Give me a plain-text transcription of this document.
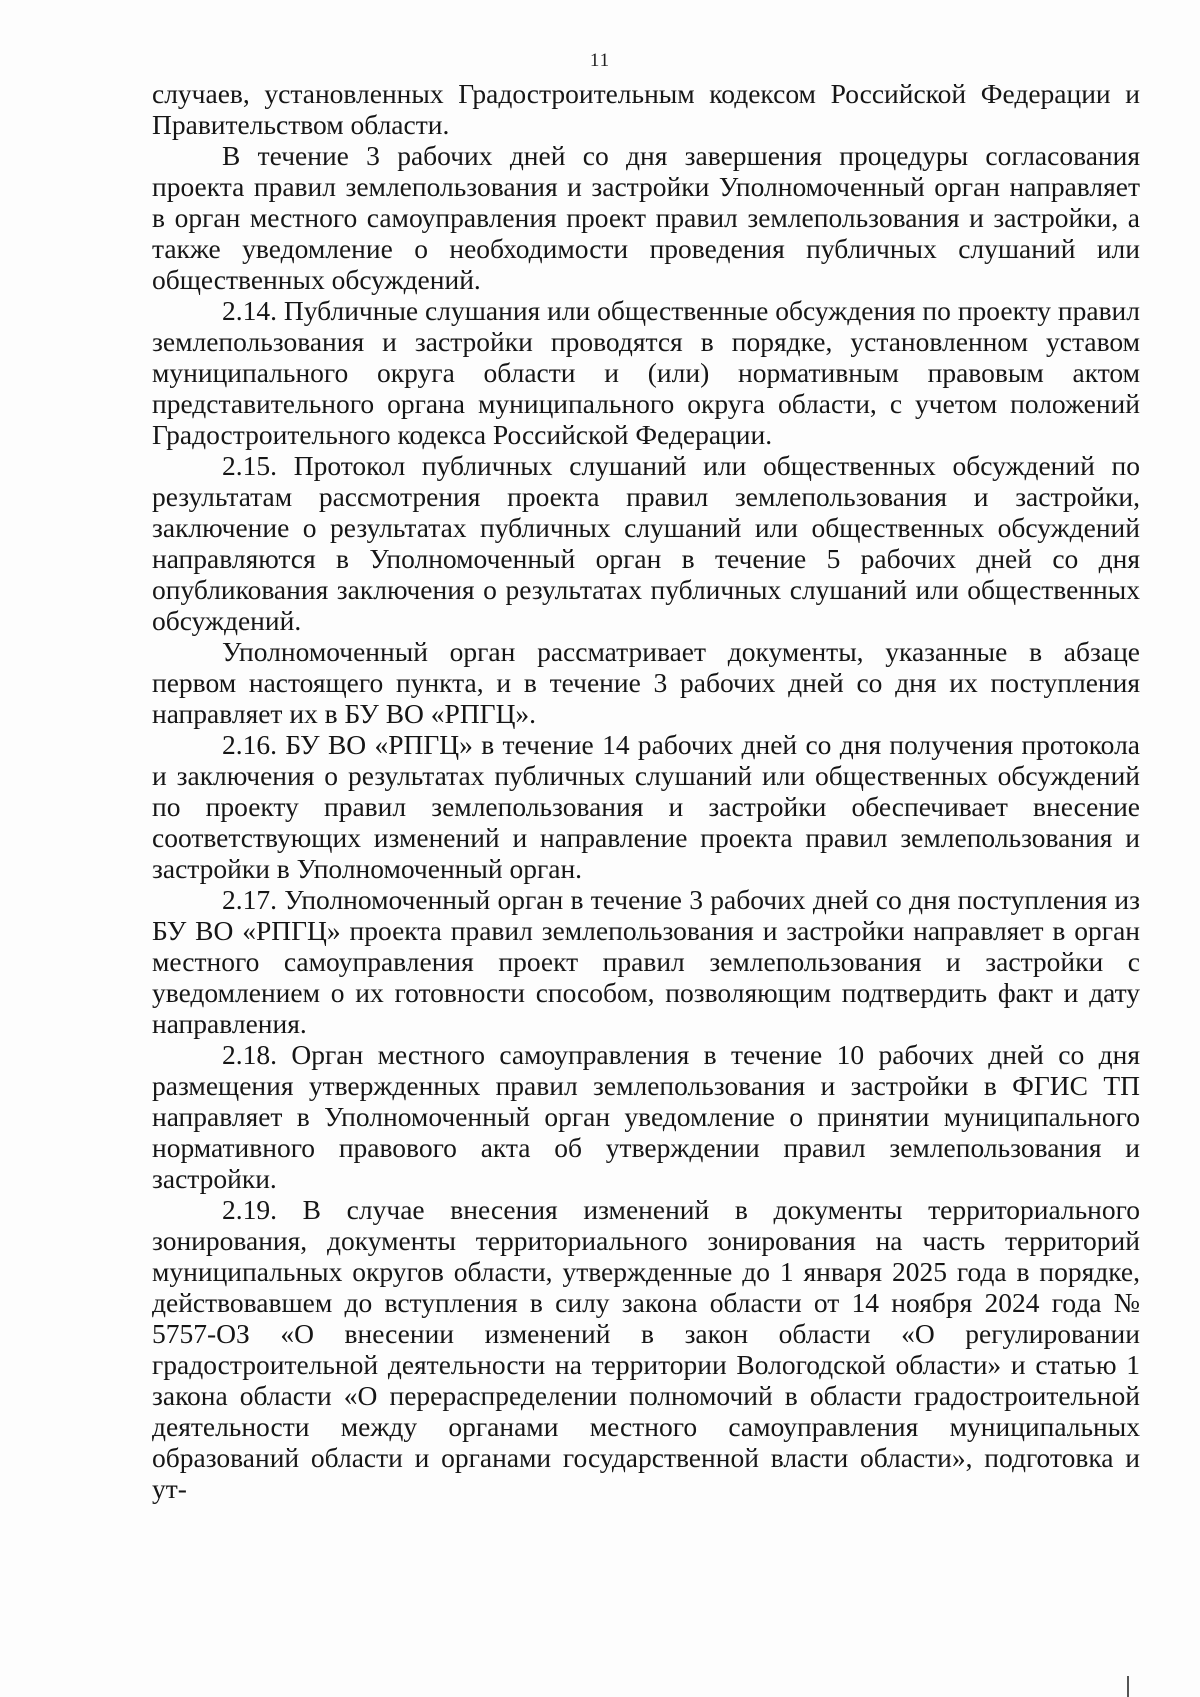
11

случаев, установленных Градостроительным кодексом Российской Федерации и Правительством области.

В течение 3 рабочих дней со дня завершения процедуры согласования проекта правил землепользования и застройки Уполномоченный орган направляет в орган местного самоуправления проект правил землепользования и застройки, а также уведомление о необходимости проведения публичных слушаний или общественных обсуждений.

2.14. Публичные слушания или общественные обсуждения по проекту правил землепользования и застройки проводятся в порядке, установленном уставом муниципального округа области и (или) нормативным правовым актом представительного органа муниципального округа области, с учетом положений Градостроительного кодекса Российской Федерации.

2.15. Протокол публичных слушаний или общественных обсуждений по результатам рассмотрения проекта правил землепользования и застройки, заключение о результатах публичных слушаний или общественных обсуждений направляются в Уполномоченный орган в течение 5 рабочих дней со дня опубликования заключения о результатах публичных слушаний или общественных обсуждений.

Уполномоченный орган рассматривает документы, указанные в абзаце первом настоящего пункта, и в течение 3 рабочих дней со дня их поступления направляет их в БУ ВО «РПГЦ».

2.16. БУ ВО «РПГЦ» в течение 14 рабочих дней со дня получения протокола и заключения о результатах публичных слушаний или общественных обсуждений по проекту правил землепользования и застройки обеспечивает внесение соответствующих изменений и направление проекта правил землепользования и застройки в Уполномоченный орган.

2.17. Уполномоченный орган в течение 3 рабочих дней со дня поступления из БУ ВО «РПГЦ» проекта правил землепользования и застройки направляет в орган местного самоуправления проект правил землепользования и застройки с уведомлением о их готовности способом, позволяющим подтвердить факт и дату направления.

2.18. Орган местного самоуправления в течение 10 рабочих дней со дня размещения утвержденных правил землепользования и застройки в ФГИС ТП направляет в Уполномоченный орган уведомление о принятии муниципального нормативного правового акта об утверждении правил землепользования и застройки.

2.19. В случае внесения изменений в документы территориального зонирования, документы территориального зонирования на часть территорий муниципальных округов области, утвержденные до 1 января 2025 года в порядке, действовавшем до вступления в силу закона области от 14 ноября 2024 года № 5757-ОЗ «О внесении изменений в закон области «О регулировании градостроительной деятельности на территории Вологодской области» и статью 1 закона области «О перераспределении полномочий в области градостроительной деятельности между органами местного самоуправления муниципальных образований области и органами государственной власти области», подготовка и ут-
